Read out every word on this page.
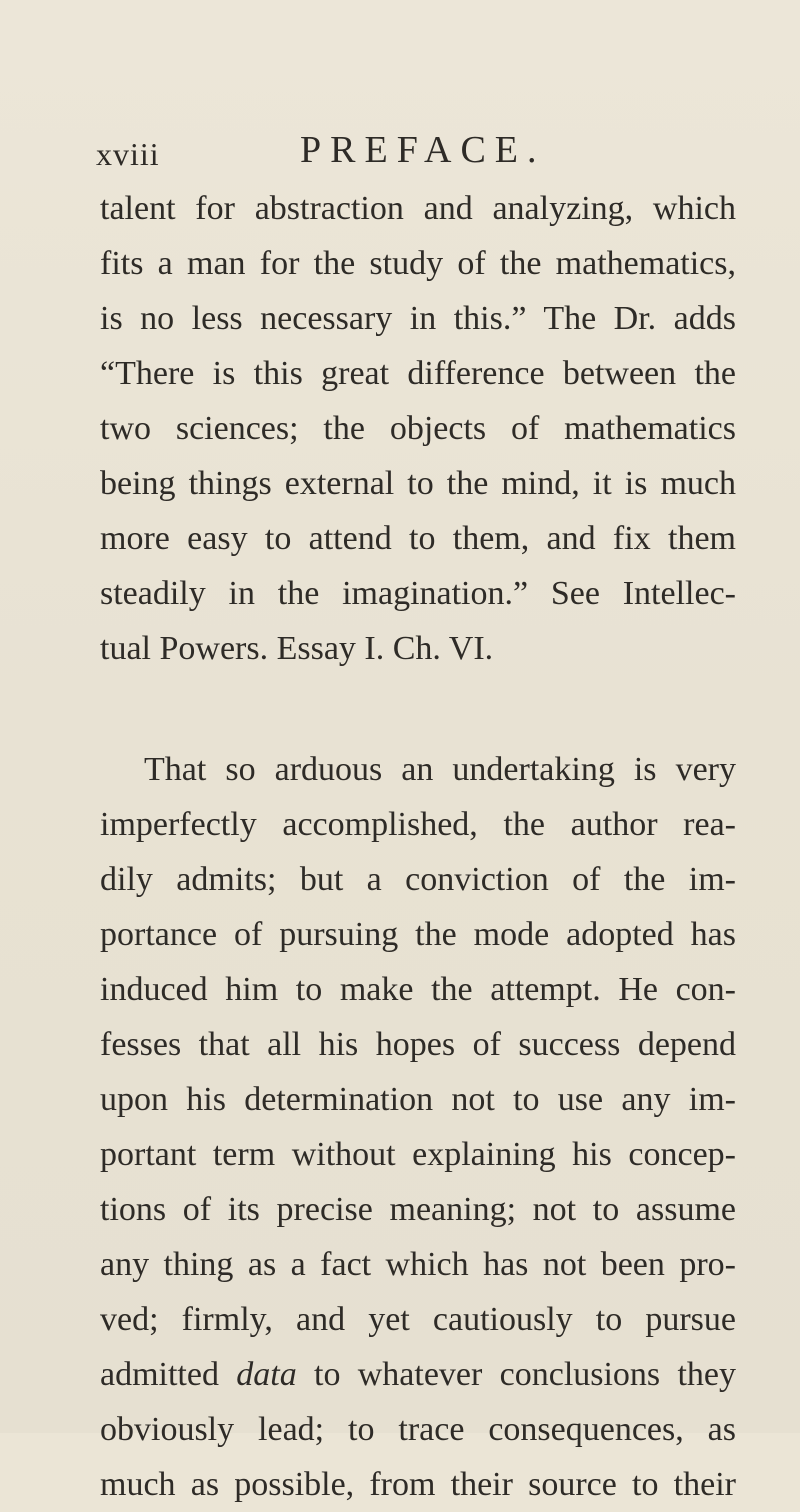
xviii	PREFACE.
talent for abstraction and analyzing, which
fits a man for the study of the mathematics,
is no less necessary in this.” The Dr. adds
“There is this great difference between the
two sciences; the objects of mathematics
being things external to the mind, it is much
more easy to attend to them, and fix them
steadily in the imagination.” See Intellec-
tual Powers. Essay I. Ch. VI.
That so arduous an undertaking is very
imperfectly accomplished, the author rea-
dily admits; but a conviction of the im-
portance of pursuing the mode adopted has
induced him to make the attempt. He con-
fesses that all his hopes of success depend
upon his determination not to use any im-
portant term without explaining his concep-
tions of its precise meaning; not to assume
any thing as a fact which has not been pro-
ved; firmly, and yet cautiously to pursue
admitted data to whatever conclusions they
obviously lead; to trace consequences, as
much as possible, from their source to their
